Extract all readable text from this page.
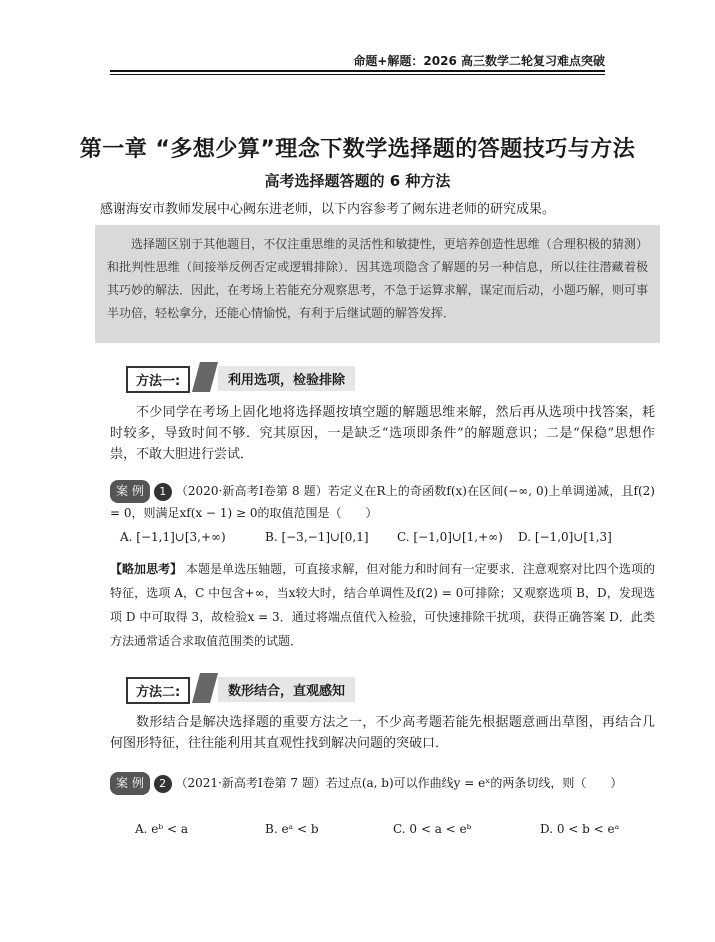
命题+解题：2026 高三数学二轮复习难点突破
第一章 “多想少算”理念下数学选择题的答题技巧与方法
高考选择题答题的 6 种方法
感谢海安市教师发展中心阙东进老师，以下内容参考了阙东进老师的研究成果。

选择题区别于其他题目，不仅注重思维的灵活性和敏捷性，更培养创造性思维（合理积极的猜测）和批判性思维（间接举反例否定或逻辑排除）．因其选项隐含了解题的另一种信息，所以往往潜藏着极其巧妙的解法．因此，在考场上若能充分观察思考，不急于运算求解，谋定而后动，小题巧解，则可事半功倍，轻松拿分，还能心情愉悦，有利于后继试题的解答发挥．

方法一:	利用选项，检验排除
不少同学在考场上固化地将选择题按填空题的解题思维来解，然后再从选项中找答案，耗时较多，导致时间不够．究其原因，一是缺乏“选项即条件”的解题意识；二是“保稳”思想作祟，不敢大胆进行尝试．
案 例 1 （2020·新高考Ⅰ卷第 8 题）若定义在R上的奇函数f(x)在区间(−∞, 0)上单调递减，且f(2) = 0，则满足xf(x − 1) ≥ 0的取值范围是（　　）
A. [−1,1]∪[3,+∞)	B. [−3,−1]∪[0,1] C. [−1,0]∪[1,+∞) D. [−1,0]∪[1,3]
【略加思考】 本题是单选压轴题，可直接求解，但对能力和时间有一定要求．注意观察对比四个选项的特征，选项 A，C 中包含+∞，当x较大时，结合单调性及f(2) = 0可排除；又观察选项 B，D，发现选项 D 中可取得 3，故检验x = 3．通过将端点值代入检验，可快速排除干扰项，获得正确答案 D．此类方法通常适合求取值范围类的试题．
方法二:	数形结合，直观感知
数形结合是解决选择题的重要方法之一，不少高考题若能先根据题意画出草图，再结合几何图形特征，往往能利用其直观性找到解决问题的突破口．
案 例 2 （2021·新高考Ⅰ卷第 7 题）若过点(a, b)可以作曲线y = eˣ的两条切线，则（　　）
A. eᵇ < a	B. eᵃ < b	C. 0 < a < eᵇ	D. 0 < b < eᵃ
